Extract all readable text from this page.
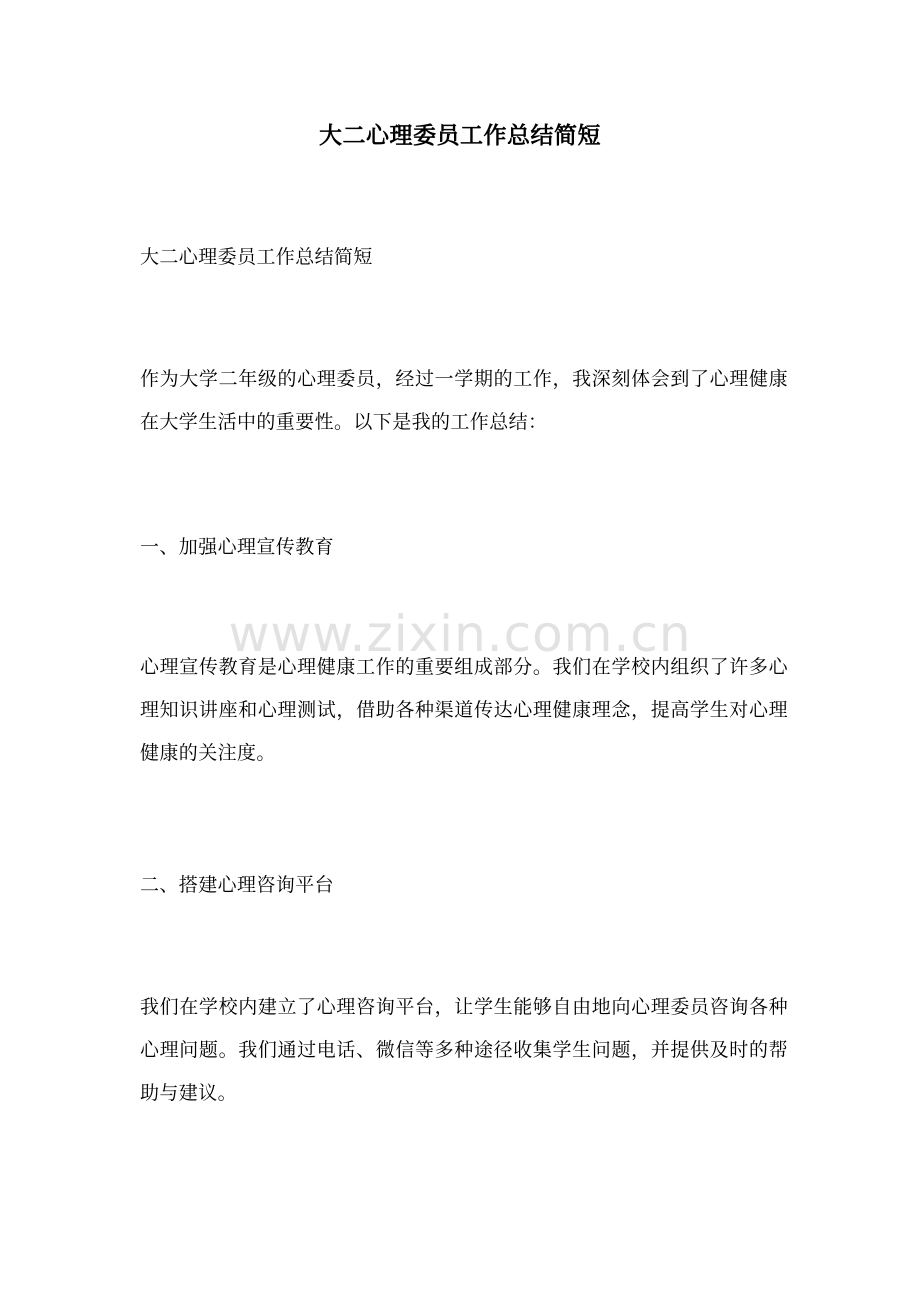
大二心理委员工作总结简短

大二心理委员工作总结简短

作为大学二年级的心理委员，经过一学期的工作，我深刻体会到了心理健康在大学生活中的重要性。以下是我的工作总结：

一、加强心理宣传教育

心理宣传教育是心理健康工作的重要组成部分。我们在学校内组织了许多心理知识讲座和心理测试，借助各种渠道传达心理健康理念，提高学生对心理健康的关注度。

二、搭建心理咨询平台

我们在学校内建立了心理咨询平台，让学生能够自由地向心理委员咨询各种心理问题。我们通过电话、微信等多种途径收集学生问题，并提供及时的帮助与建议。

www.zixin.com.cn
